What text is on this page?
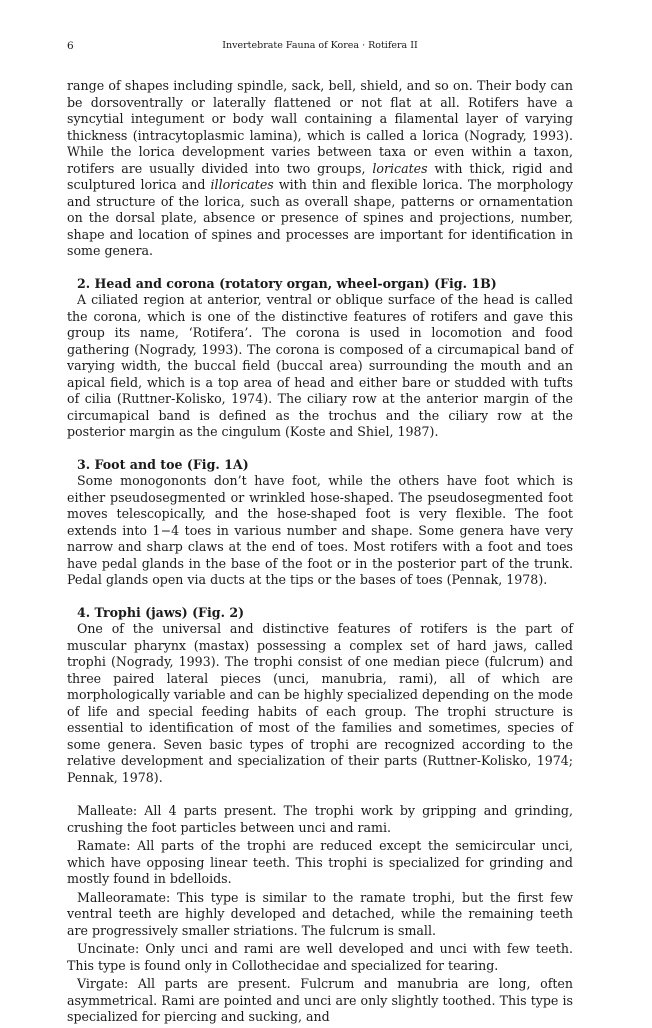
6	Invertebrate Fauna of Korea · Rotifera II

range of shapes including spindle, sack, bell, shield, and so on. Their body can be dorsoventrally or laterally flattened or not flat at all. Rotifers have a syncytial integument or body wall containing a filamental layer of varying thickness (intracytoplasmic lamina), which is called a lorica (Nogrady, 1993). While the lorica development varies between taxa or even within a taxon, rotifers are usually divided into two groups, loricates with thick, rigid and sculptured lorica and illoricates with thin and flexible lorica. The morphology and structure of the lorica, such as overall shape, patterns or ornamentation on the dorsal plate, absence or presence of spines and projections, number, shape and location of spines and processes are important for identification in some genera.

2. Head and corona (rotatory organ, wheel-organ) (Fig. 1B)

A ciliated region at anterior, ventral or oblique surface of the head is called the corona, which is one of the distinctive features of rotifers and gave this group its name, ‘Rotifera’. The corona is used in locomotion and food gathering (Nogrady, 1993). The corona is composed of a circumapical band of varying width, the buccal field (buccal area) surrounding the mouth and an apical field, which is a top area of head and either bare or studded with tufts of cilia (Ruttner-Kolisko, 1974). The ciliary row at the anterior margin of the circumapical band is defined as the trochus and the ciliary row at the posterior margin as the cingulum (Koste and Shiel, 1987).

3. Foot and toe (Fig. 1A)

Some monogononts don’t have foot, while the others have foot which is either pseudosegmented or wrinkled hose-shaped. The pseudosegmented foot moves telescopically, and the hose-shaped foot is very flexible. The foot extends into 1−4 toes in various number and shape. Some genera have very narrow and sharp claws at the end of toes. Most rotifers with a foot and toes have pedal glands in the base of the foot or in the posterior part of the trunk. Pedal glands open via ducts at the tips or the bases of toes (Pennak, 1978).

4. Trophi (jaws) (Fig. 2)

One of the universal and distinctive features of rotifers is the part of muscular pharynx (mastax) possessing a complex set of hard jaws, called trophi (Nogrady, 1993). The trophi consist of one median piece (fulcrum) and three paired lateral pieces (unci, manubria, rami), all of which are morphologically variable and can be highly specialized depending on the mode of life and special feeding habits of each group. The trophi structure is essential to identification of most of the families and sometimes, species of some genera. Seven basic types of trophi are recognized according to the relative development and specialization of their parts (Ruttner-Kolisko, 1974; Pennak, 1978).

Malleate: All 4 parts present. The trophi work by gripping and grinding, crushing the foot particles between unci and rami.

Ramate: All parts of the trophi are reduced except the semicircular unci, which have opposing linear teeth. This trophi is specialized for grinding and mostly found in bdelloids.

Malleoramate: This type is similar to the ramate trophi, but the first few ventral teeth are highly developed and detached, while the remaining teeth are progressively smaller striations. The fulcrum is small.

Uncinate: Only unci and rami are well developed and unci with few teeth. This type is found only in Collothecidae and specialized for tearing.

Virgate: All parts are present. Fulcrum and manubria are long, often asymmetrical. Rami are pointed and unci are only slightly toothed. This type is specialized for piercing and sucking, and
